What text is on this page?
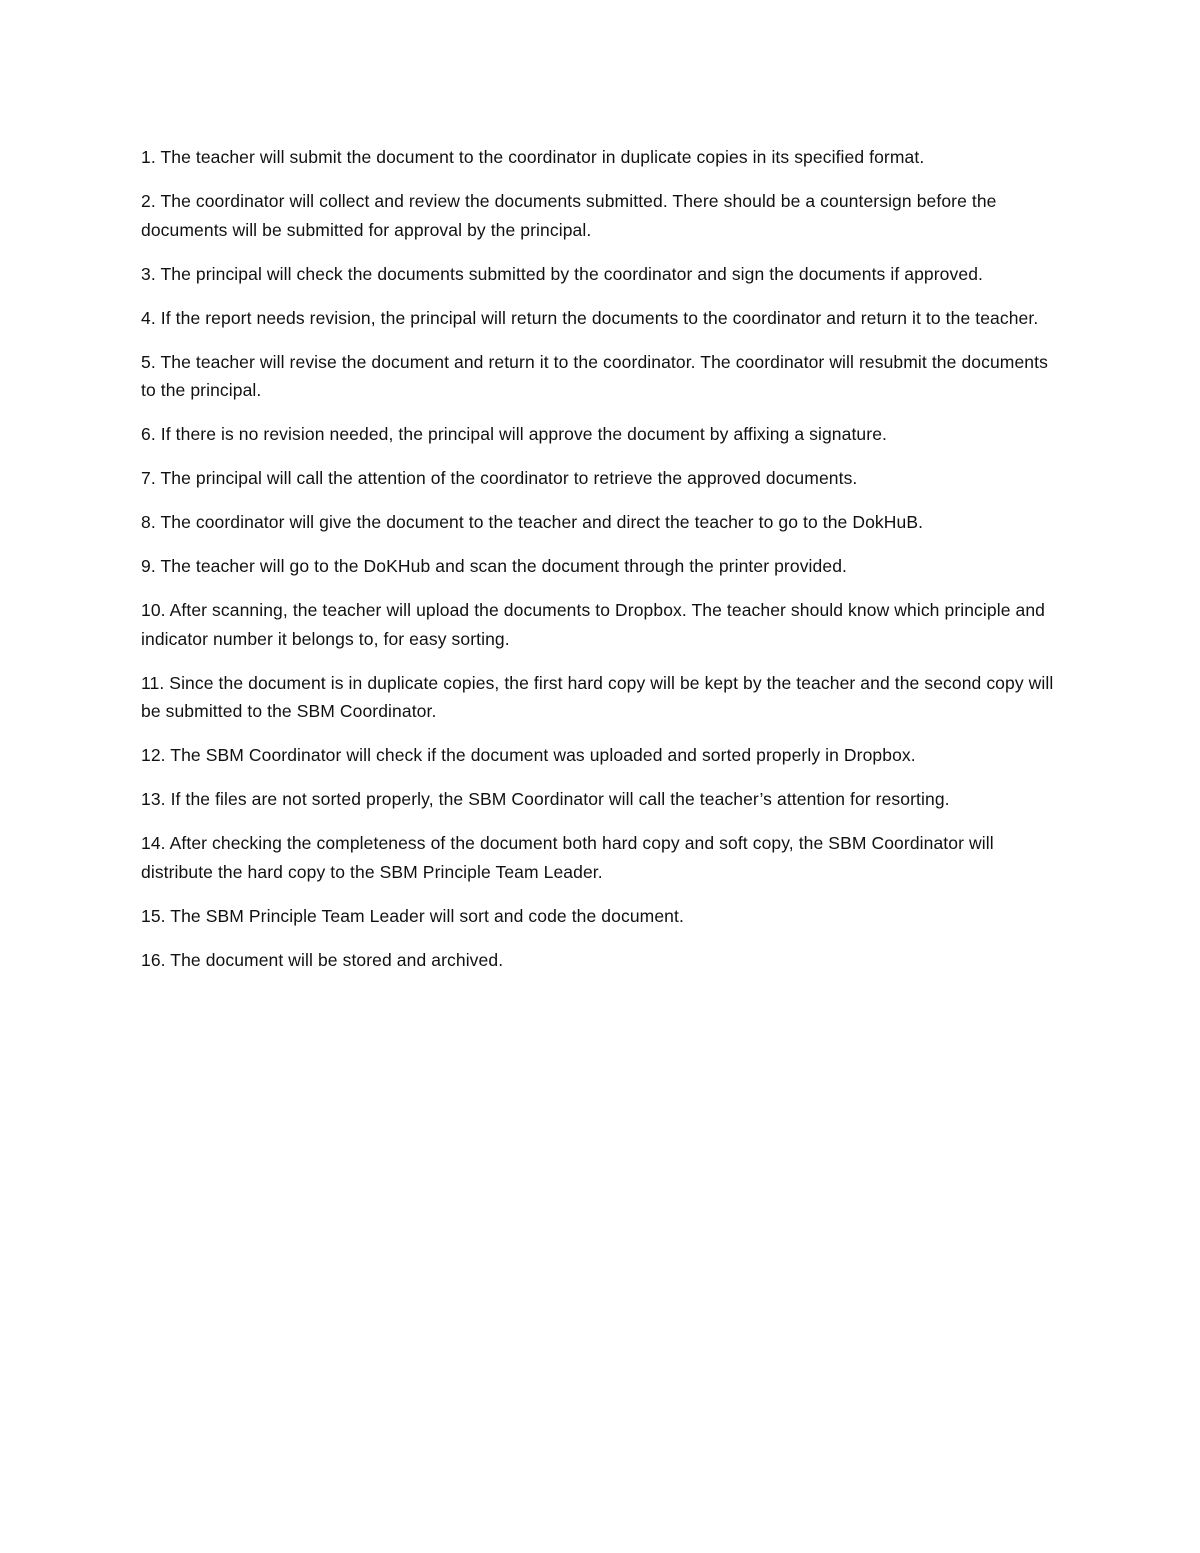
1. The teacher will submit the document to the coordinator in duplicate copies in its specified format.
2. The coordinator will collect and review the documents submitted. There should be a countersign before the documents will be submitted for approval by the principal.
3. The principal will check the documents submitted by the coordinator and sign the documents if approved.
4. If the report needs revision, the principal will return the documents to the coordinator and return it to the teacher.
5. The teacher will revise the document and return it to the coordinator. The coordinator will resubmit the documents to the principal.
6. If there is no revision needed, the principal will approve the document by affixing a signature.
7. The principal will call the attention of the coordinator to retrieve the approved documents.
8. The coordinator will give the document to the teacher and direct the teacher to go to the DokHuB.
9. The teacher will go to the DoKHub and scan the document through the printer provided.
10. After scanning, the teacher will upload the documents to Dropbox. The teacher should know which principle and indicator number it belongs to, for easy sorting.
11. Since the document is in duplicate copies, the first hard copy will be kept by the teacher and the second copy will be submitted to the SBM Coordinator.
12. The SBM Coordinator will check if the document was uploaded and sorted properly in Dropbox.
13. If the files are not sorted properly, the SBM Coordinator will call the teacher’s attention for resorting.
14. After checking the completeness of the document both hard copy and soft copy, the SBM Coordinator will distribute the hard copy to the SBM Principle Team Leader.
15. The SBM Principle Team Leader will sort and code the document.
16. The document will be stored and archived.
